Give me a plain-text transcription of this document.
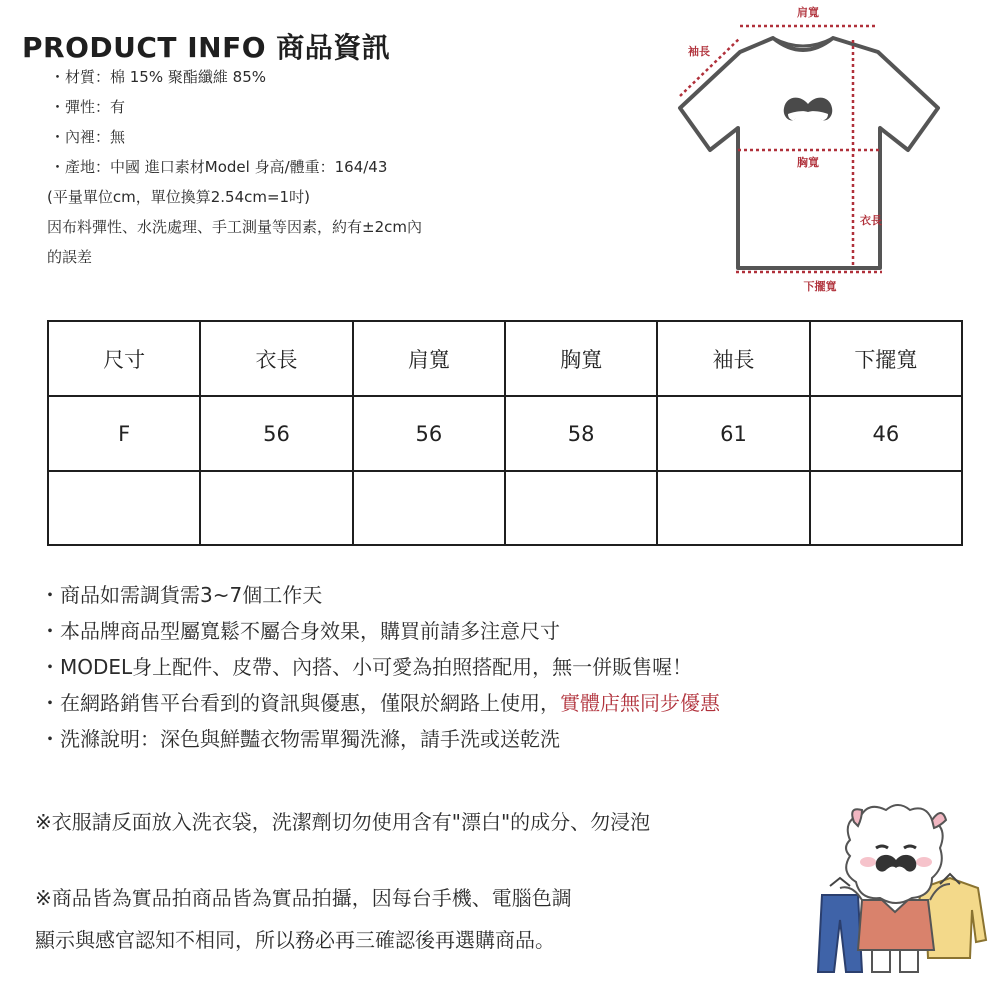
PRODUCT INFO 商品資訊
・材質：棉 15% 聚酯纖維 85%
・彈性：有
・內裡：無
・產地：中國 進口素材Model 身高/體重：164/43
(平量單位cm，單位換算2.54cm=1吋)
因布料彈性、水洗處理、手工測量等因素，約有±2cm內
的誤差
肩寬
袖長
胸寬
衣長
下擺寬
尺寸	衣長	肩寬	胸寬	袖長	下擺寬
F	56	56	58	61	46

・商品如需調貨需3~7個工作天
・本品牌商品型屬寬鬆不屬合身效果，購買前請多注意尺寸
・MODEL身上配件、皮帶、內搭、小可愛為拍照搭配用，無一併販售喔！
・在網路銷售平台看到的資訊與優惠，僅限於網路上使用，實體店無同步優惠
・洗滌說明：深色與鮮豔衣物需單獨洗滌，請手洗或送乾洗
※衣服請反面放入洗衣袋，洗潔劑切勿使用含有"漂白"的成分、勿浸泡
※商品皆為實品拍商品皆為實品拍攝，因每台手機、電腦色調
顯示與感官認知不相同，所以務必再三確認後再選購商品。
